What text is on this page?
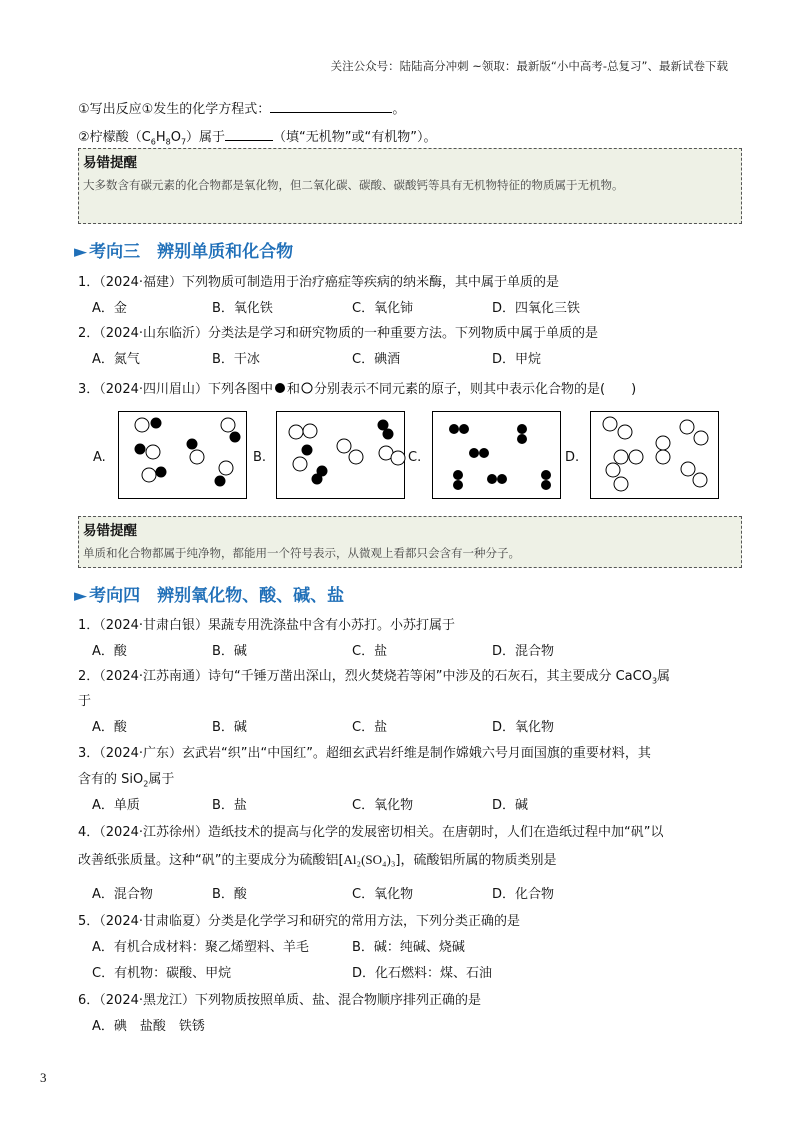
关注公众号：陆陆高分冲刺 ~领取：最新版“小中高考-总复习”、最新试卷下载
①写出反应①发生的化学方程式：	。
②柠檬酸$(C_6H_8O_7)$属于	（填“无机物”或“有机物”）。
易错提醒
大多数含有碳元素的化合物都是氧化物，但二氧化碳、碳酸、碳酸钙等具有无机物特征的物质属于无机物。
► 考向三　辨别单质和化合物
1．（2024·福建）下列物质可制造用于治疗癌症等疾病的纳米酶，其中属于单质的是
A．金	B．氧化铁	C．氧化铈	D．四氧化三铁
2．（2024·山东临沂）分类法是学习和研究物质的一种重要方法。下列物质中属于单质的是
A．氮气	B．干冰	C．碘酒	D．甲烷
3．（2024·四川眉山）下列各图中 和 分别表示不同元素的原子，则其中表示化合物的是(　　)
A.	B.	C.	D.
易错提醒
单质和化合物都属于纯净物，都能用一个符号表示，从微观上看都只会含有一种分子。
► 考向四　辨别氧化物、酸、碱、盐
1．（2024·甘肃白银）果蔬专用洗涤盐中含有小苏打。小苏打属于
A．酸	B．碱	C．盐	D．混合物
2．（2024·江苏南通）诗句“千锤万凿出深山，烈火焚烧若等闲”中涉及的石灰石，其主要成分 CaCO$_3$属
于
A．酸	B．碱	C．盐	D．氧化物
3．（2024·广东）玄武岩“织”出“中国红”。超细玄武岩纤维是制作嫦娥六号月面国旗的重要材料，其
含有的 SiO$_2$属于
A．单质	B．盐	C．氧化物	D．碱
4．（2024·江苏徐州）造纸技术的提高与化学的发展密切相关。在唐朝时，人们在造纸过程中加“矾”以
改善纸张质量。这种“矾”的主要成分为硫酸铝[Al₂(SO₄)₃]，硫酸铝所属的物质类别是
A．混合物	B．酸	C．氧化物	D．化合物
5．（2024·甘肃临夏）分类是化学学习和研究的常用方法，下列分类正确的是
A．有机合成材料：聚乙烯塑料、羊毛	B．碱：纯碱、烧碱
C．有机物：碳酸、甲烷	D．化石燃料：煤、石油
6．（2024·黑龙江）下列物质按照单质、盐、混合物顺序排列正确的是
A．碘　盐酸　铁锈
3
